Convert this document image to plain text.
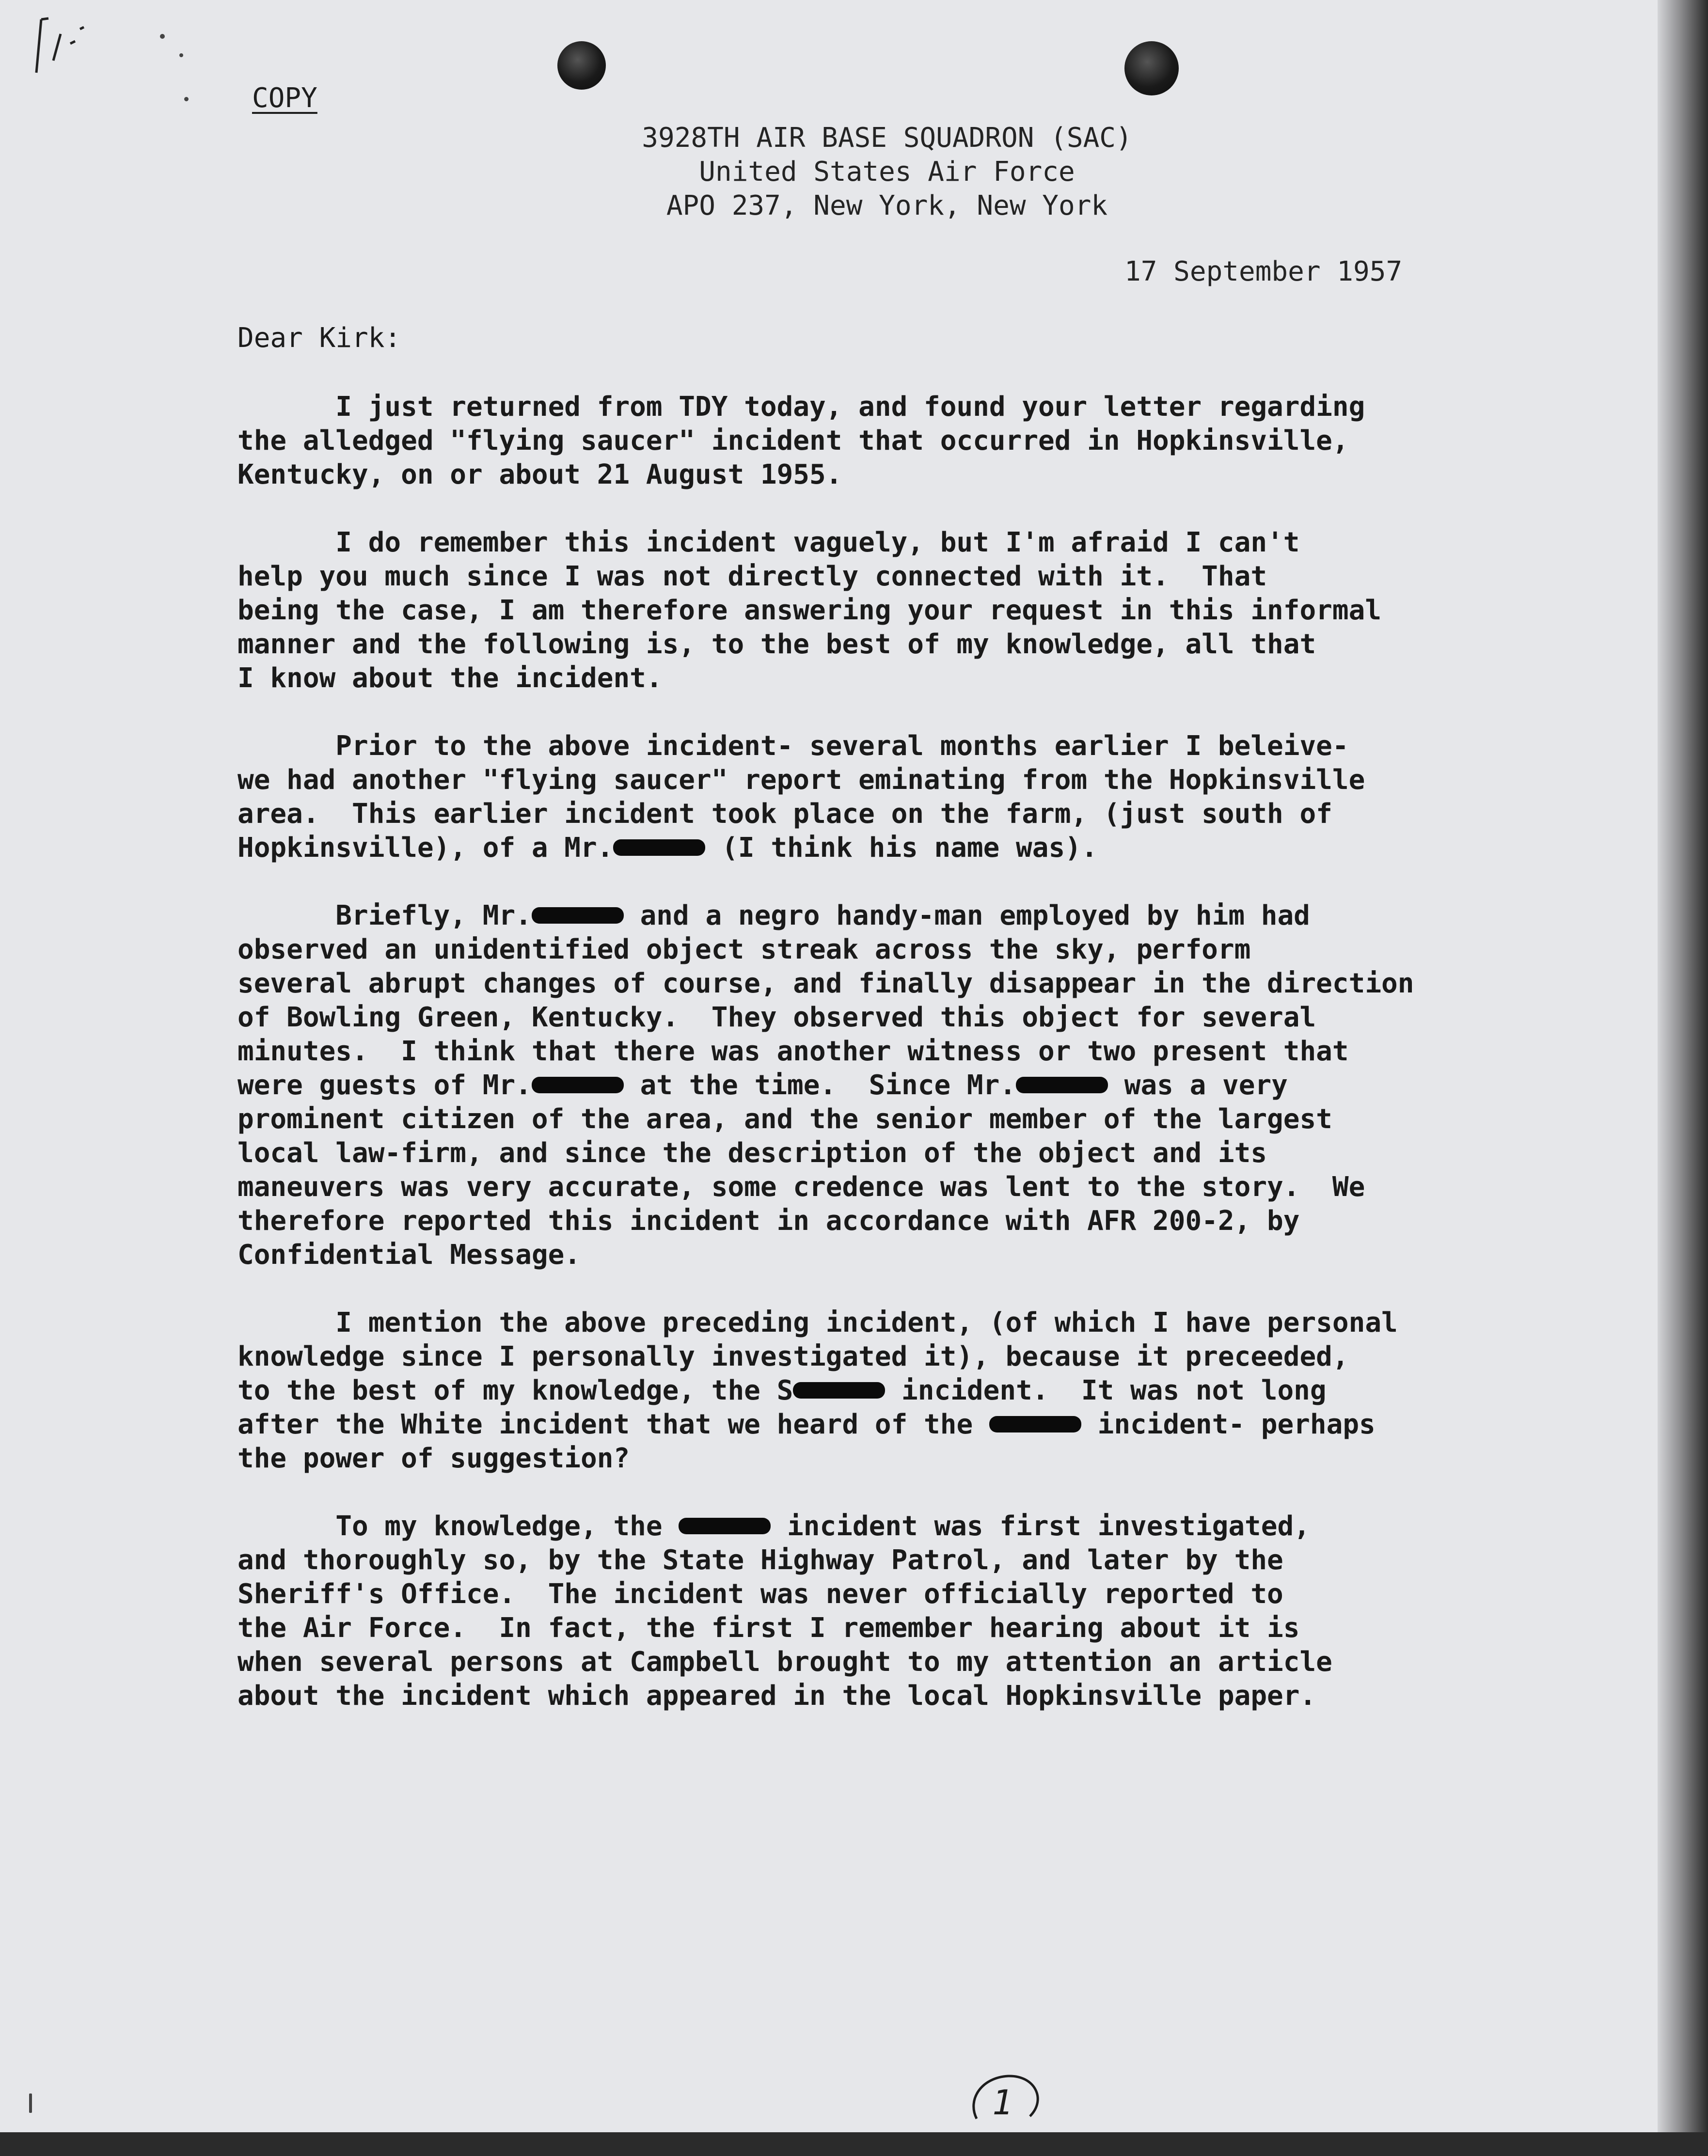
COPY
3928TH AIR BASE SQUADRON (SAC)
United States Air Force
APO 237, New York, New York
17 September 1957
Dear Kirk:
I just returned from TDY today, and found your letter regarding
the alledged "flying saucer" incident that occurred in Hopkinsville,
Kentucky, on or about 21 August 1955.
I do remember this incident vaguely, but I'm afraid I can't
help you much since I was not directly connected with it.  That
being the case, I am therefore answering your request in this informal
manner and the following is, to the best of my knowledge, all that
I know about the incident.
Prior to the above incident- several months earlier I beleive-
we had another "flying saucer" report eminating from the Hopkinsville
area.  This earlier incident took place on the farm, (just south of
Hopkinsville), of a Mr.	(I think his name was).
Briefly, Mr.	and a negro handy-man employed by him had
observed an unidentified object streak across the sky, perform
several abrupt changes of course, and finally disappear in the direction
of Bowling Green, Kentucky.  They observed this object for several
minutes.  I think that there was another witness or two present that
were guests of Mr.	at the time.  Since Mr.	was a very
prominent citizen of the area, and the senior member of the largest
local law-firm, and since the description of the object and its
maneuvers was very accurate, some credence was lent to the story.  We
therefore reported this incident in accordance with AFR 200-2, by
Confidential Message.
I mention the above preceding incident, (of which I have personal
knowledge since I personally investigated it), because it preceeded,
to the best of my knowledge, the S	incident.  It was not long
after the White incident that we heard of the	incident- perhaps
the power of suggestion?
To my knowledge, the	incident was first investigated,
and thoroughly so, by the State Highway Patrol, and later by the
Sheriff's Office.  The incident was never officially reported to
the Air Force.  In fact, the first I remember hearing about it is
when several persons at Campbell brought to my attention an article
about the incident which appeared in the local Hopkinsville paper.
1
